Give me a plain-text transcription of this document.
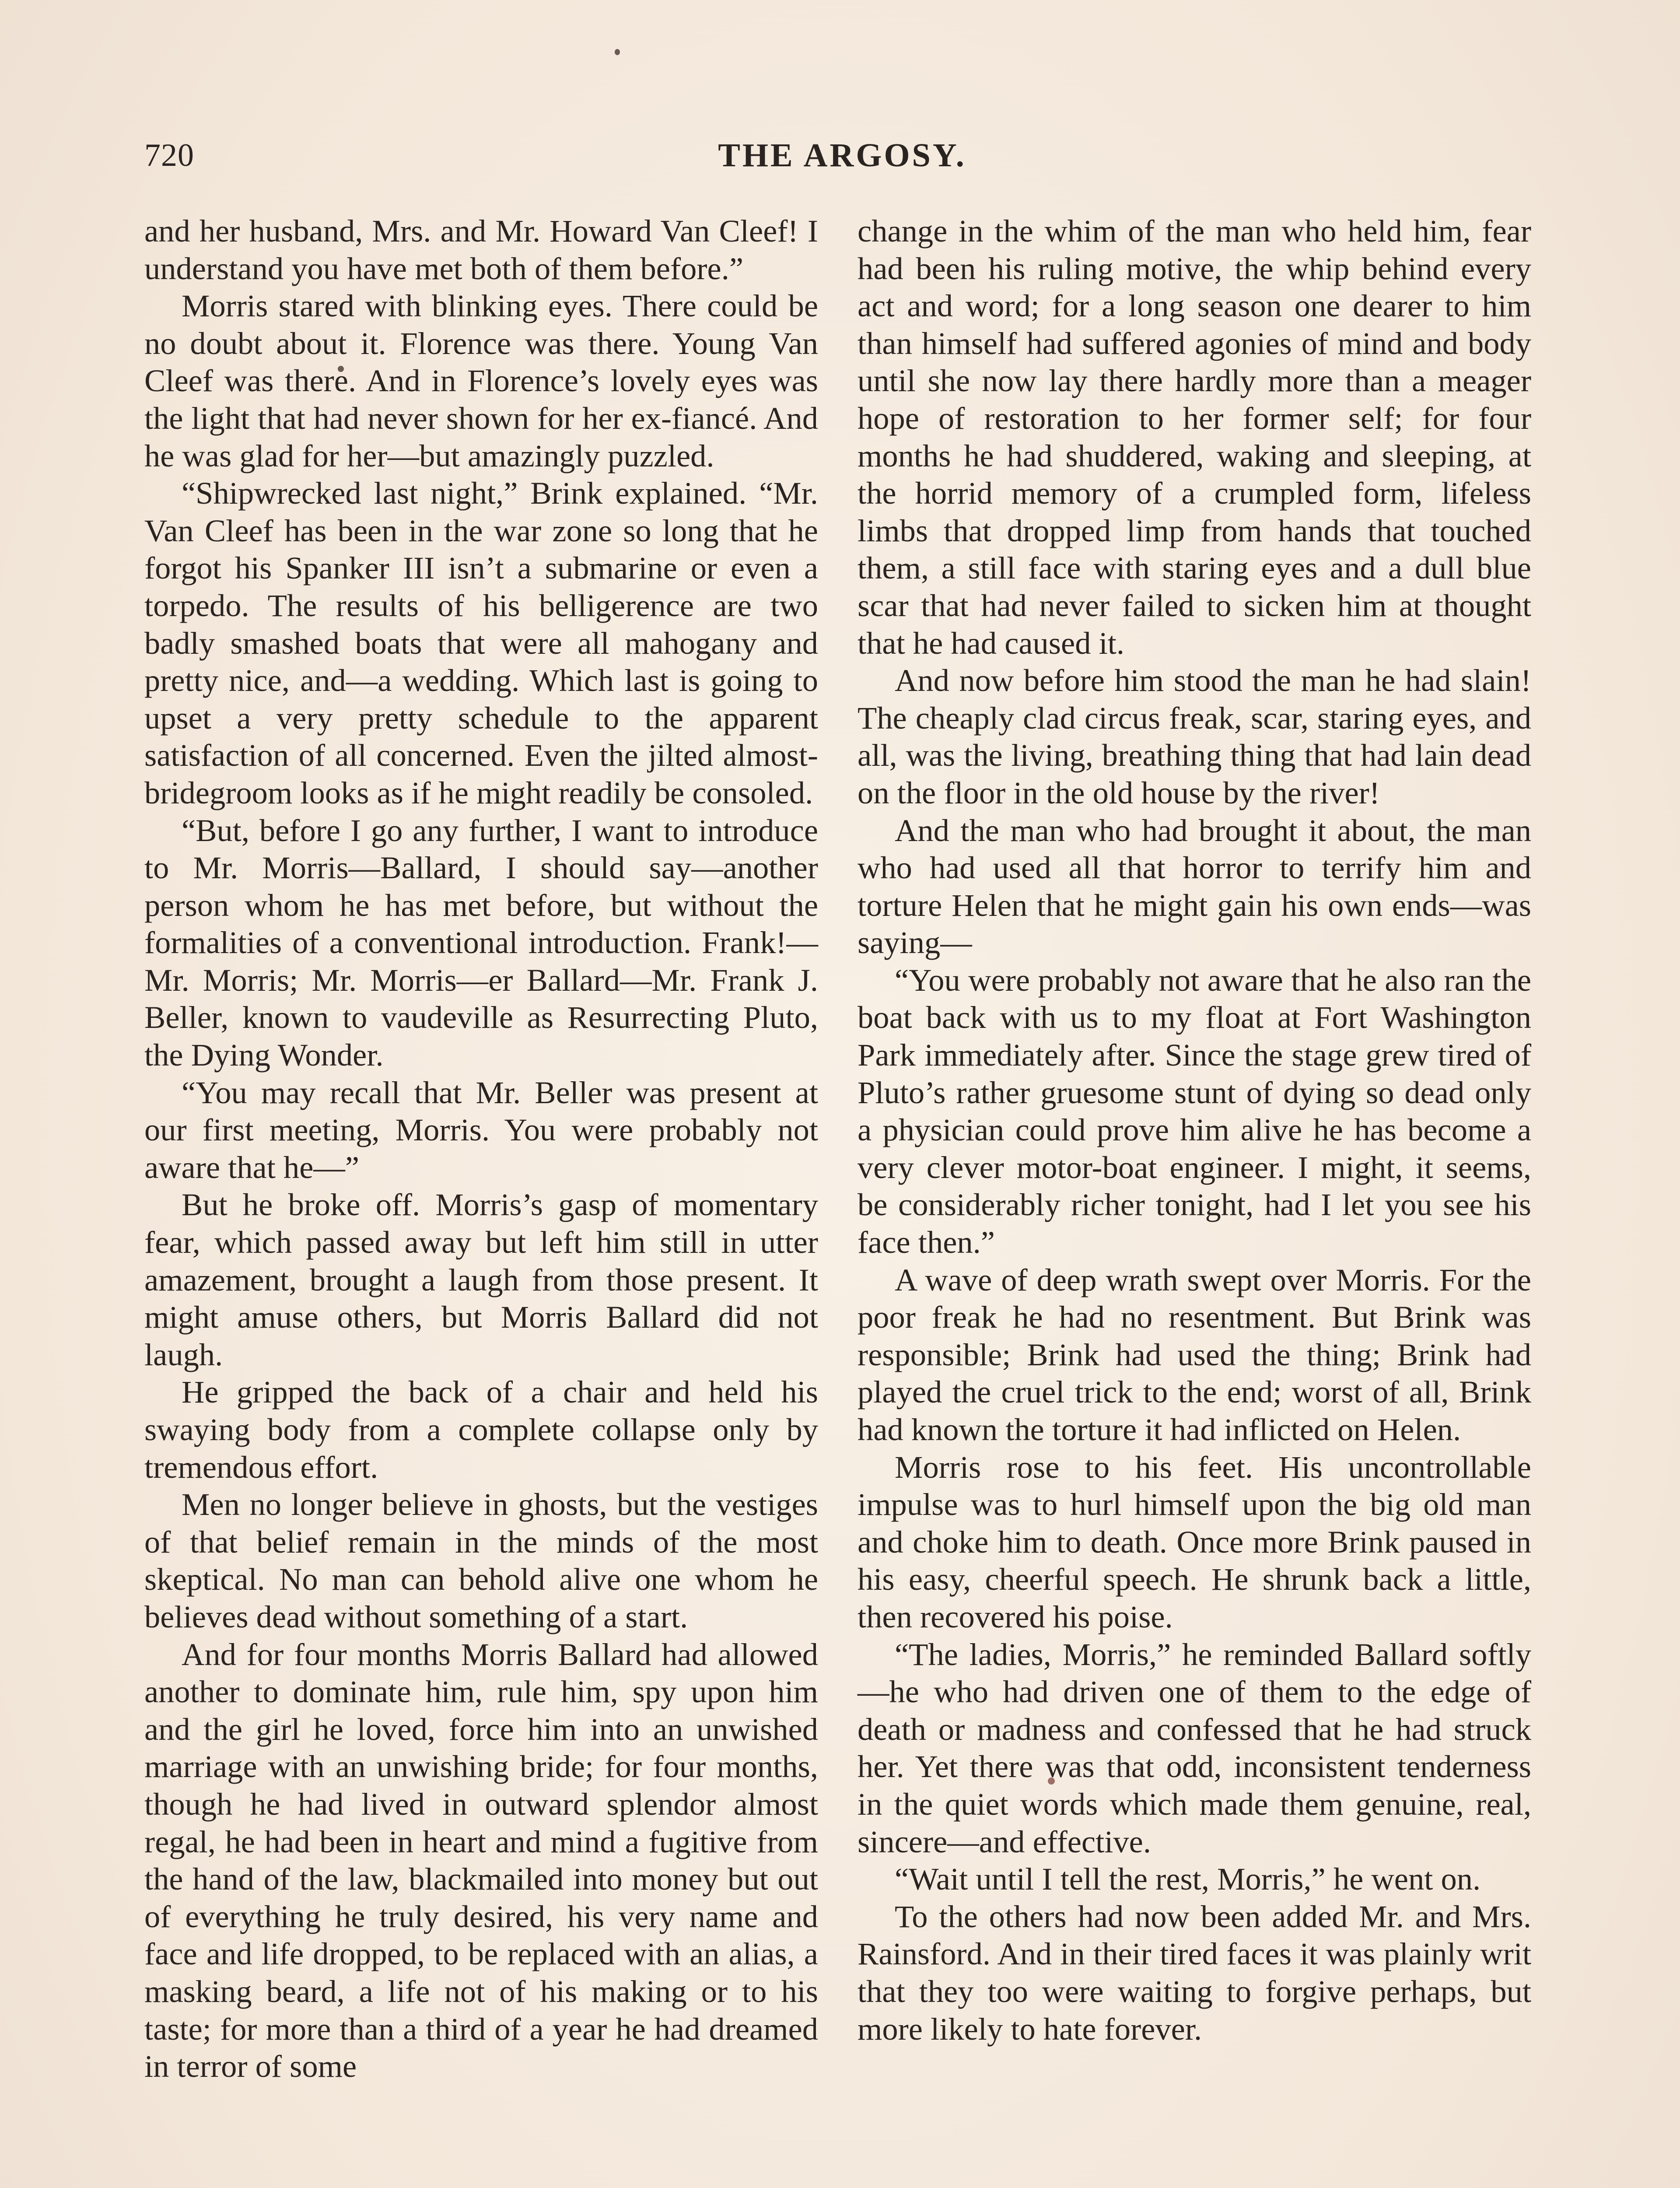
720	THE ARGOSY.

and her husband, Mrs. and Mr. Howard Van Cleef! I understand you have met both of them before.”

Morris stared with blinking eyes. There could be no doubt about it. Florence was there. Young Van Cleef was there. And in Florence’s lovely eyes was the light that had never shown for her ex-fiancé. And he was glad for her—but amazingly puzzled.

“Shipwrecked last night,” Brink explained. “Mr. Van Cleef has been in the war zone so long that he forgot his Spanker III isn’t a submarine or even a torpedo. The results of his belligerence are two badly smashed boats that were all mahogany and pretty nice, and—a wedding. Which last is going to upset a very pretty schedule to the apparent satisfaction of all concerned. Even the jilted almost-bridegroom looks as if he might readily be consoled.

“But, before I go any further, I want to introduce to Mr. Morris—Ballard, I should say—another person whom he has met before, but without the formalities of a conventional introduction. Frank!—Mr. Morris; Mr. Morris—er Ballard—Mr. Frank J. Beller, known to vaudeville as Resurrecting Pluto, the Dying Wonder.

“You may recall that Mr. Beller was present at our first meeting, Morris. You were probably not aware that he—”

But he broke off. Morris’s gasp of momentary fear, which passed away but left him still in utter amazement, brought a laugh from those present. It might amuse others, but Morris Ballard did not laugh.

He gripped the back of a chair and held his swaying body from a complete collapse only by tremendous effort.

Men no longer believe in ghosts, but the vestiges of that belief remain in the minds of the most skeptical. No man can behold alive one whom he believes dead without something of a start.

And for four months Morris Ballard had allowed another to dominate him, rule him, spy upon him and the girl he loved, force him into an unwished marriage with an unwishing bride; for four months, though he had lived in outward splendor almost regal, he had been in heart and mind a fugitive from the hand of the law, blackmailed into money but out of everything he truly desired, his very name and face and life dropped, to be replaced with an alias, a masking beard, a life not of his making or to his taste; for more than a third of a year he had dreamed in terror of some

change in the whim of the man who held him, fear had been his ruling motive, the whip behind every act and word; for a long season one dearer to him than himself had suffered agonies of mind and body until she now lay there hardly more than a meager hope of restoration to her former self; for four months he had shuddered, waking and sleeping, at the horrid memory of a crumpled form, lifeless limbs that dropped limp from hands that touched them, a still face with staring eyes and a dull blue scar that had never failed to sicken him at thought that he had caused it.

And now before him stood the man he had slain! The cheaply clad circus freak, scar, staring eyes, and all, was the living, breathing thing that had lain dead on the floor in the old house by the river!

And the man who had brought it about, the man who had used all that horror to terrify him and torture Helen that he might gain his own ends—was saying—

“You were probably not aware that he also ran the boat back with us to my float at Fort Washington Park immediately after. Since the stage grew tired of Pluto’s rather gruesome stunt of dying so dead only a physician could prove him alive he has become a very clever motor-boat engineer. I might, it seems, be considerably richer tonight, had I let you see his face then.”

A wave of deep wrath swept over Morris. For the poor freak he had no resentment. But Brink was responsible; Brink had used the thing; Brink had played the cruel trick to the end; worst of all, Brink had known the torture it had inflicted on Helen.

Morris rose to his feet. His uncontrollable impulse was to hurl himself upon the big old man and choke him to death. Once more Brink paused in his easy, cheerful speech. He shrunk back a little, then recovered his poise.

“The ladies, Morris,” he reminded Ballard softly—he who had driven one of them to the edge of death or madness and confessed that he had struck her. Yet there was that odd, inconsistent tenderness in the quiet words which made them genuine, real, sincere—and effective.

“Wait until I tell the rest, Morris,” he went on.

To the others had now been added Mr. and Mrs. Rainsford. And in their tired faces it was plainly writ that they too were waiting to forgive perhaps, but more likely to hate forever.
